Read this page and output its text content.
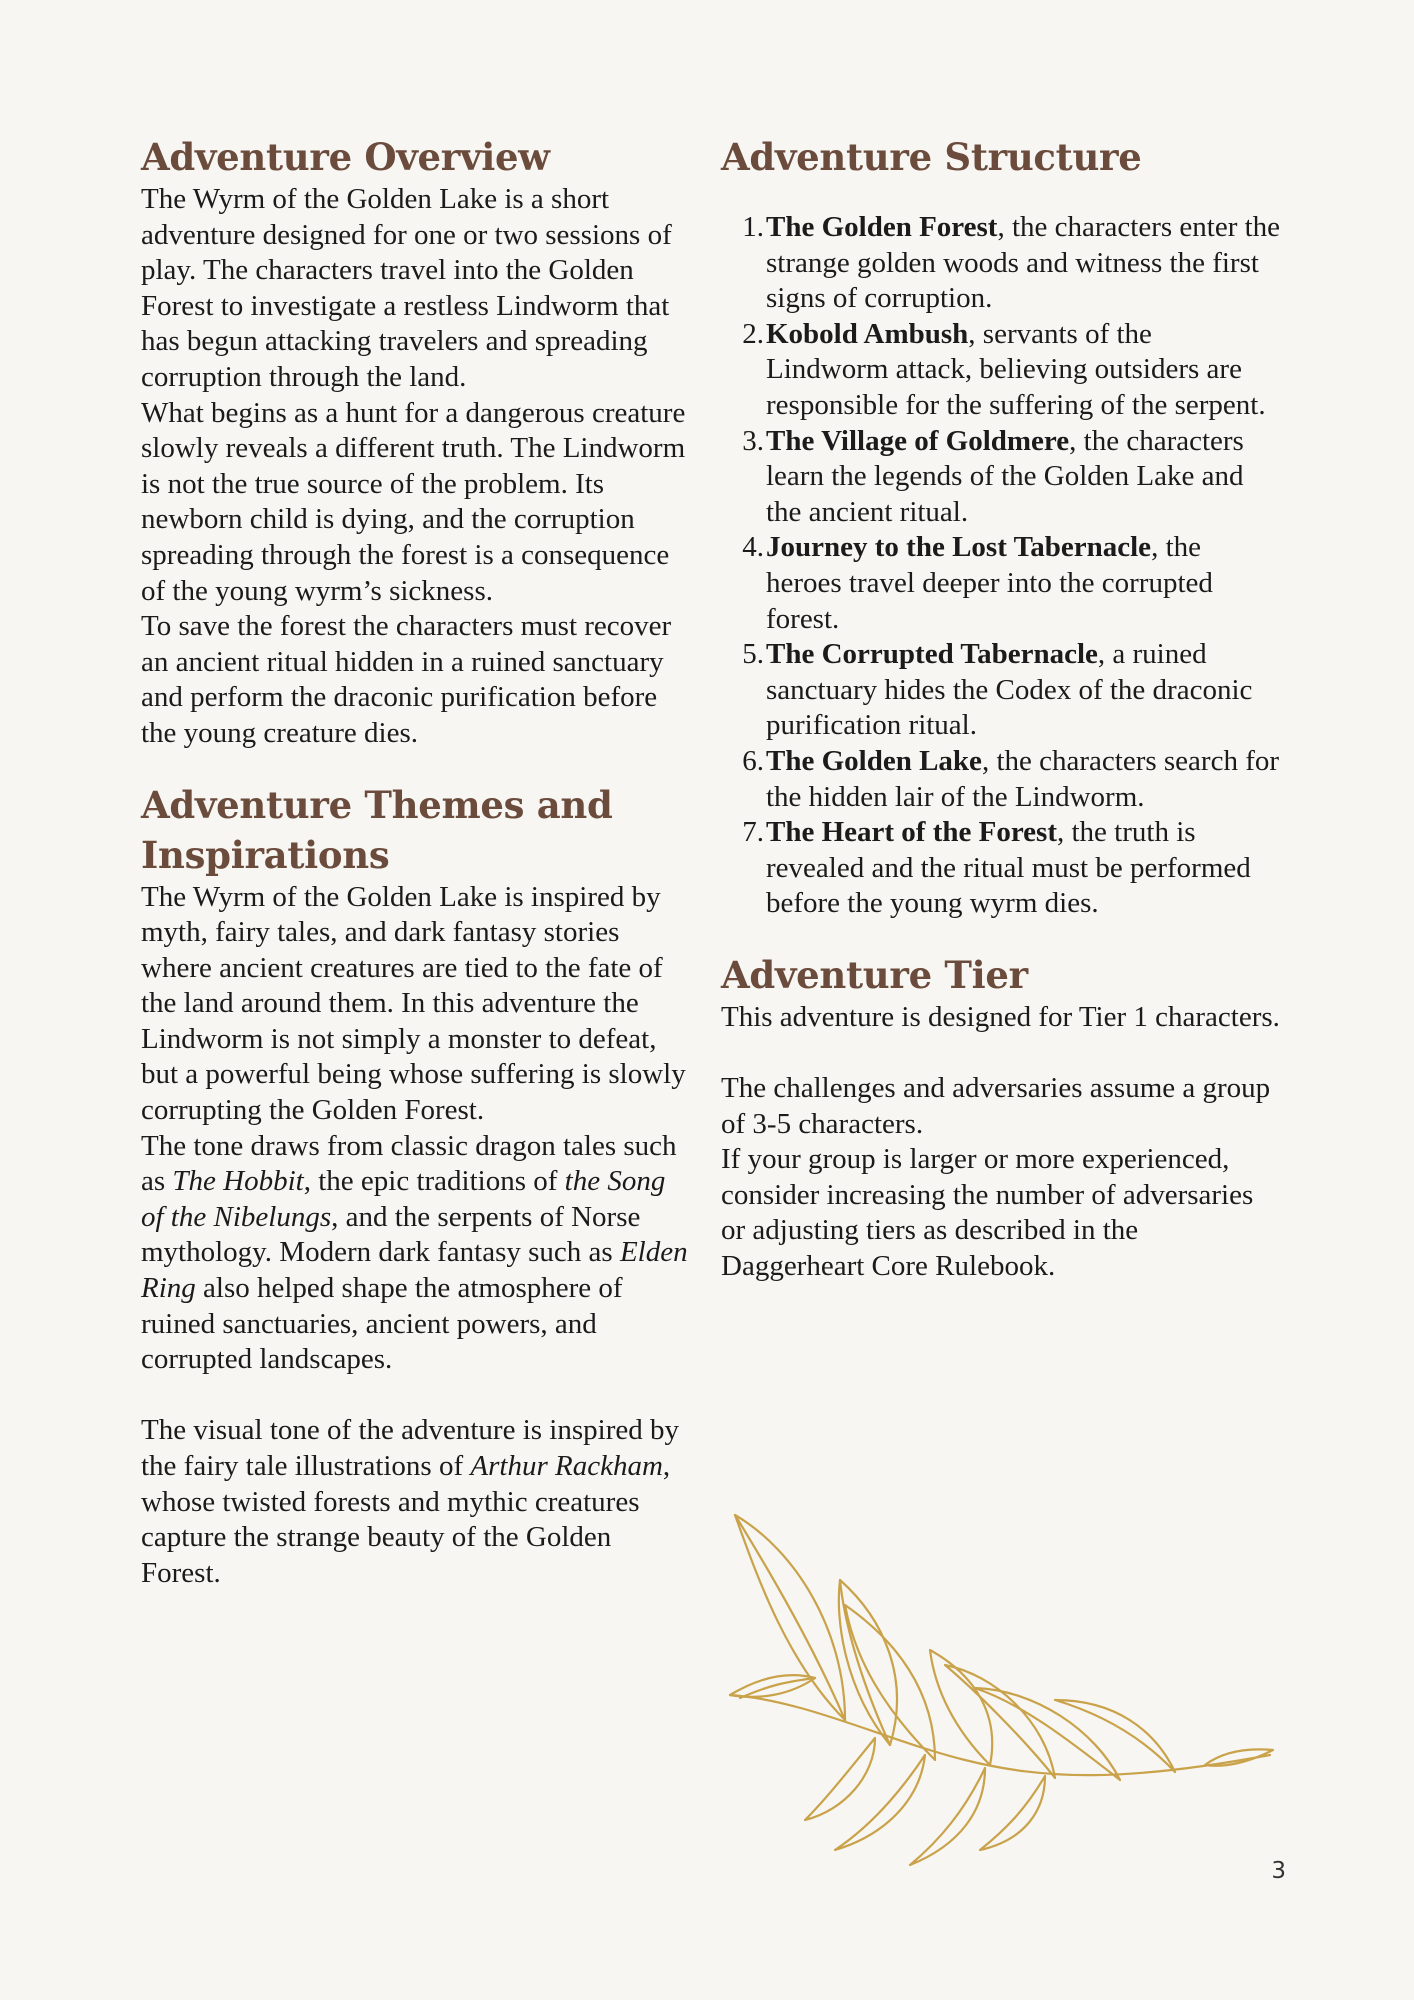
Adventure Overview

The Wyrm of the Golden Lake is a short adventure designed for one or two sessions of play. The characters travel into the Golden Forest to investigate a restless Lindworm that has begun attacking travelers and spreading corruption through the land.

What begins as a hunt for a dangerous creature slowly reveals a different truth. The Lindworm is not the true source of the problem. Its newborn child is dying, and the corruption spreading through the forest is a consequence of the young wyrm’s sickness.

To save the forest the characters must recover an ancient ritual hidden in a ruined sanctuary and perform the draconic purification before the young creature dies.

Adventure Themes and Inspirations

The Wyrm of the Golden Lake is inspired by myth, fairy tales, and dark fantasy stories where ancient creatures are tied to the fate of the land around them. In this adventure the Lindworm is not simply a monster to defeat, but a powerful being whose suffering is slowly corrupting the Golden Forest.

The tone draws from classic dragon tales such as The Hobbit, the epic traditions of the Song of the Nibelungs, and the serpents of Norse mythology. Modern dark fantasy such as Elden Ring also helped shape the atmosphere of ruined sanctuaries, ancient powers, and corrupted landscapes.

The visual tone of the adventure is inspired by the fairy tale illustrations of Arthur Rackham, whose twisted forests and mythic creatures capture the strange beauty of the Golden Forest.

Adventure Structure
1. The Golden Forest, the characters enter the strange golden woods and witness the first signs of corruption.
2. Kobold Ambush, servants of the Lindworm attack, believing outsiders are responsible for the suffering of the serpent.
3. The Village of Goldmere, the characters learn the legends of the Golden Lake and the ancient ritual.
4. Journey to the Lost Tabernacle, the heroes travel deeper into the corrupted forest.
5. The Corrupted Tabernacle, a ruined sanctuary hides the Codex of the draconic purification ritual.
6. The Golden Lake, the characters search for the hidden lair of the Lindworm.
7. The Heart of the Forest, the truth is revealed and the ritual must be performed before the young wyrm dies.
Adventure Tier

This adventure is designed for Tier 1 characters.

The challenges and adversaries assume a group of 3-5 characters.

If your group is larger or more experienced, consider increasing the number of adversaries or adjusting tiers as described in the Daggerheart Core Rulebook.

3
